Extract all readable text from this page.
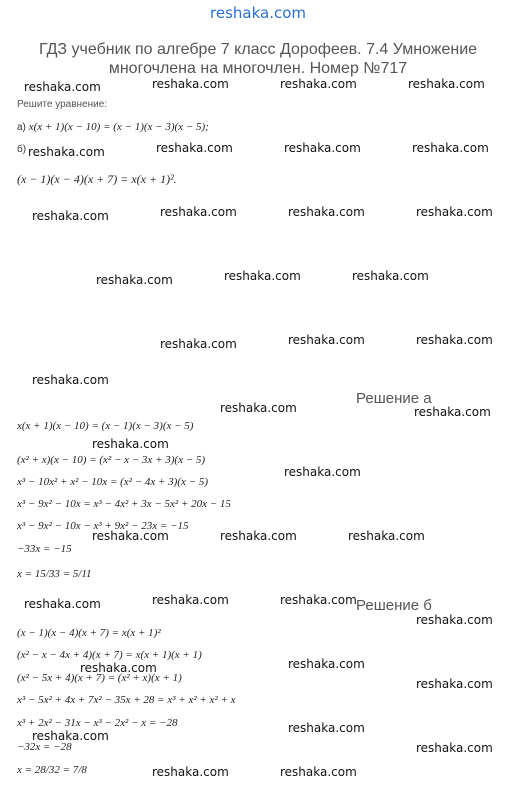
reshaka.com
ГДЗ учебник по алгебре 7 класс Дорофеев. 7.4 Умножение многочлена на многочлен. Номер №717
Решите уравнение:
а) x(x + 1)(x − 10) = (x − 1)(x − 3)(x − 5);
б)
(x − 1)(x − 4)(x + 7) = x(x + 1)².
Решение а
x(x + 1)(x − 10) = (x − 1)(x − 3)(x − 5)
(x² + x)(x − 10) = (x² − x − 3x + 3)(x − 5)
x³ − 10x² + x² − 10x = (x² − 4x + 3)(x − 5)
x³ − 9x² − 10x = x³ − 4x² + 3x − 5x² + 20x − 15
x³ − 9x² − 10x − x³ + 9x² − 23x = −15
−33x = −15
x = 15/33 = 5/11
Решение б
(x − 1)(x − 4)(x + 7) = x(x + 1)²
(x² − x − 4x + 4)(x + 7) = x(x + 1)(x + 1)
(x² − 5x + 4)(x + 7) = (x² + x)(x + 1)
x³ − 5x² + 4x + 7x² − 35x + 28 = x³ + x² + x² + x
x³ + 2x² − 31x − x³ − 2x² − x = −28
−32x = −28
x = 28/32 = 7/8
reshaka.com	reshaka.com	reshaka.com	reshaka.com
reshaka.com	reshaka.com	reshaka.com	reshaka.com
reshaka.com	reshaka.com	reshaka.com	reshaka.com
reshaka.com	reshaka.com	reshaka.com
reshaka.com	reshaka.com	reshaka.com
reshaka.com
reshaka.com	reshaka.com
reshaka.com
reshaka.com
reshaka.com	reshaka.com	reshaka.com
reshaka.com	reshaka.com	reshaka.com
reshaka.com
reshaka.com	reshaka.com
reshaka.com
reshaka.com
reshaka.com
reshaka.com
reshaka.com	reshaka.com
